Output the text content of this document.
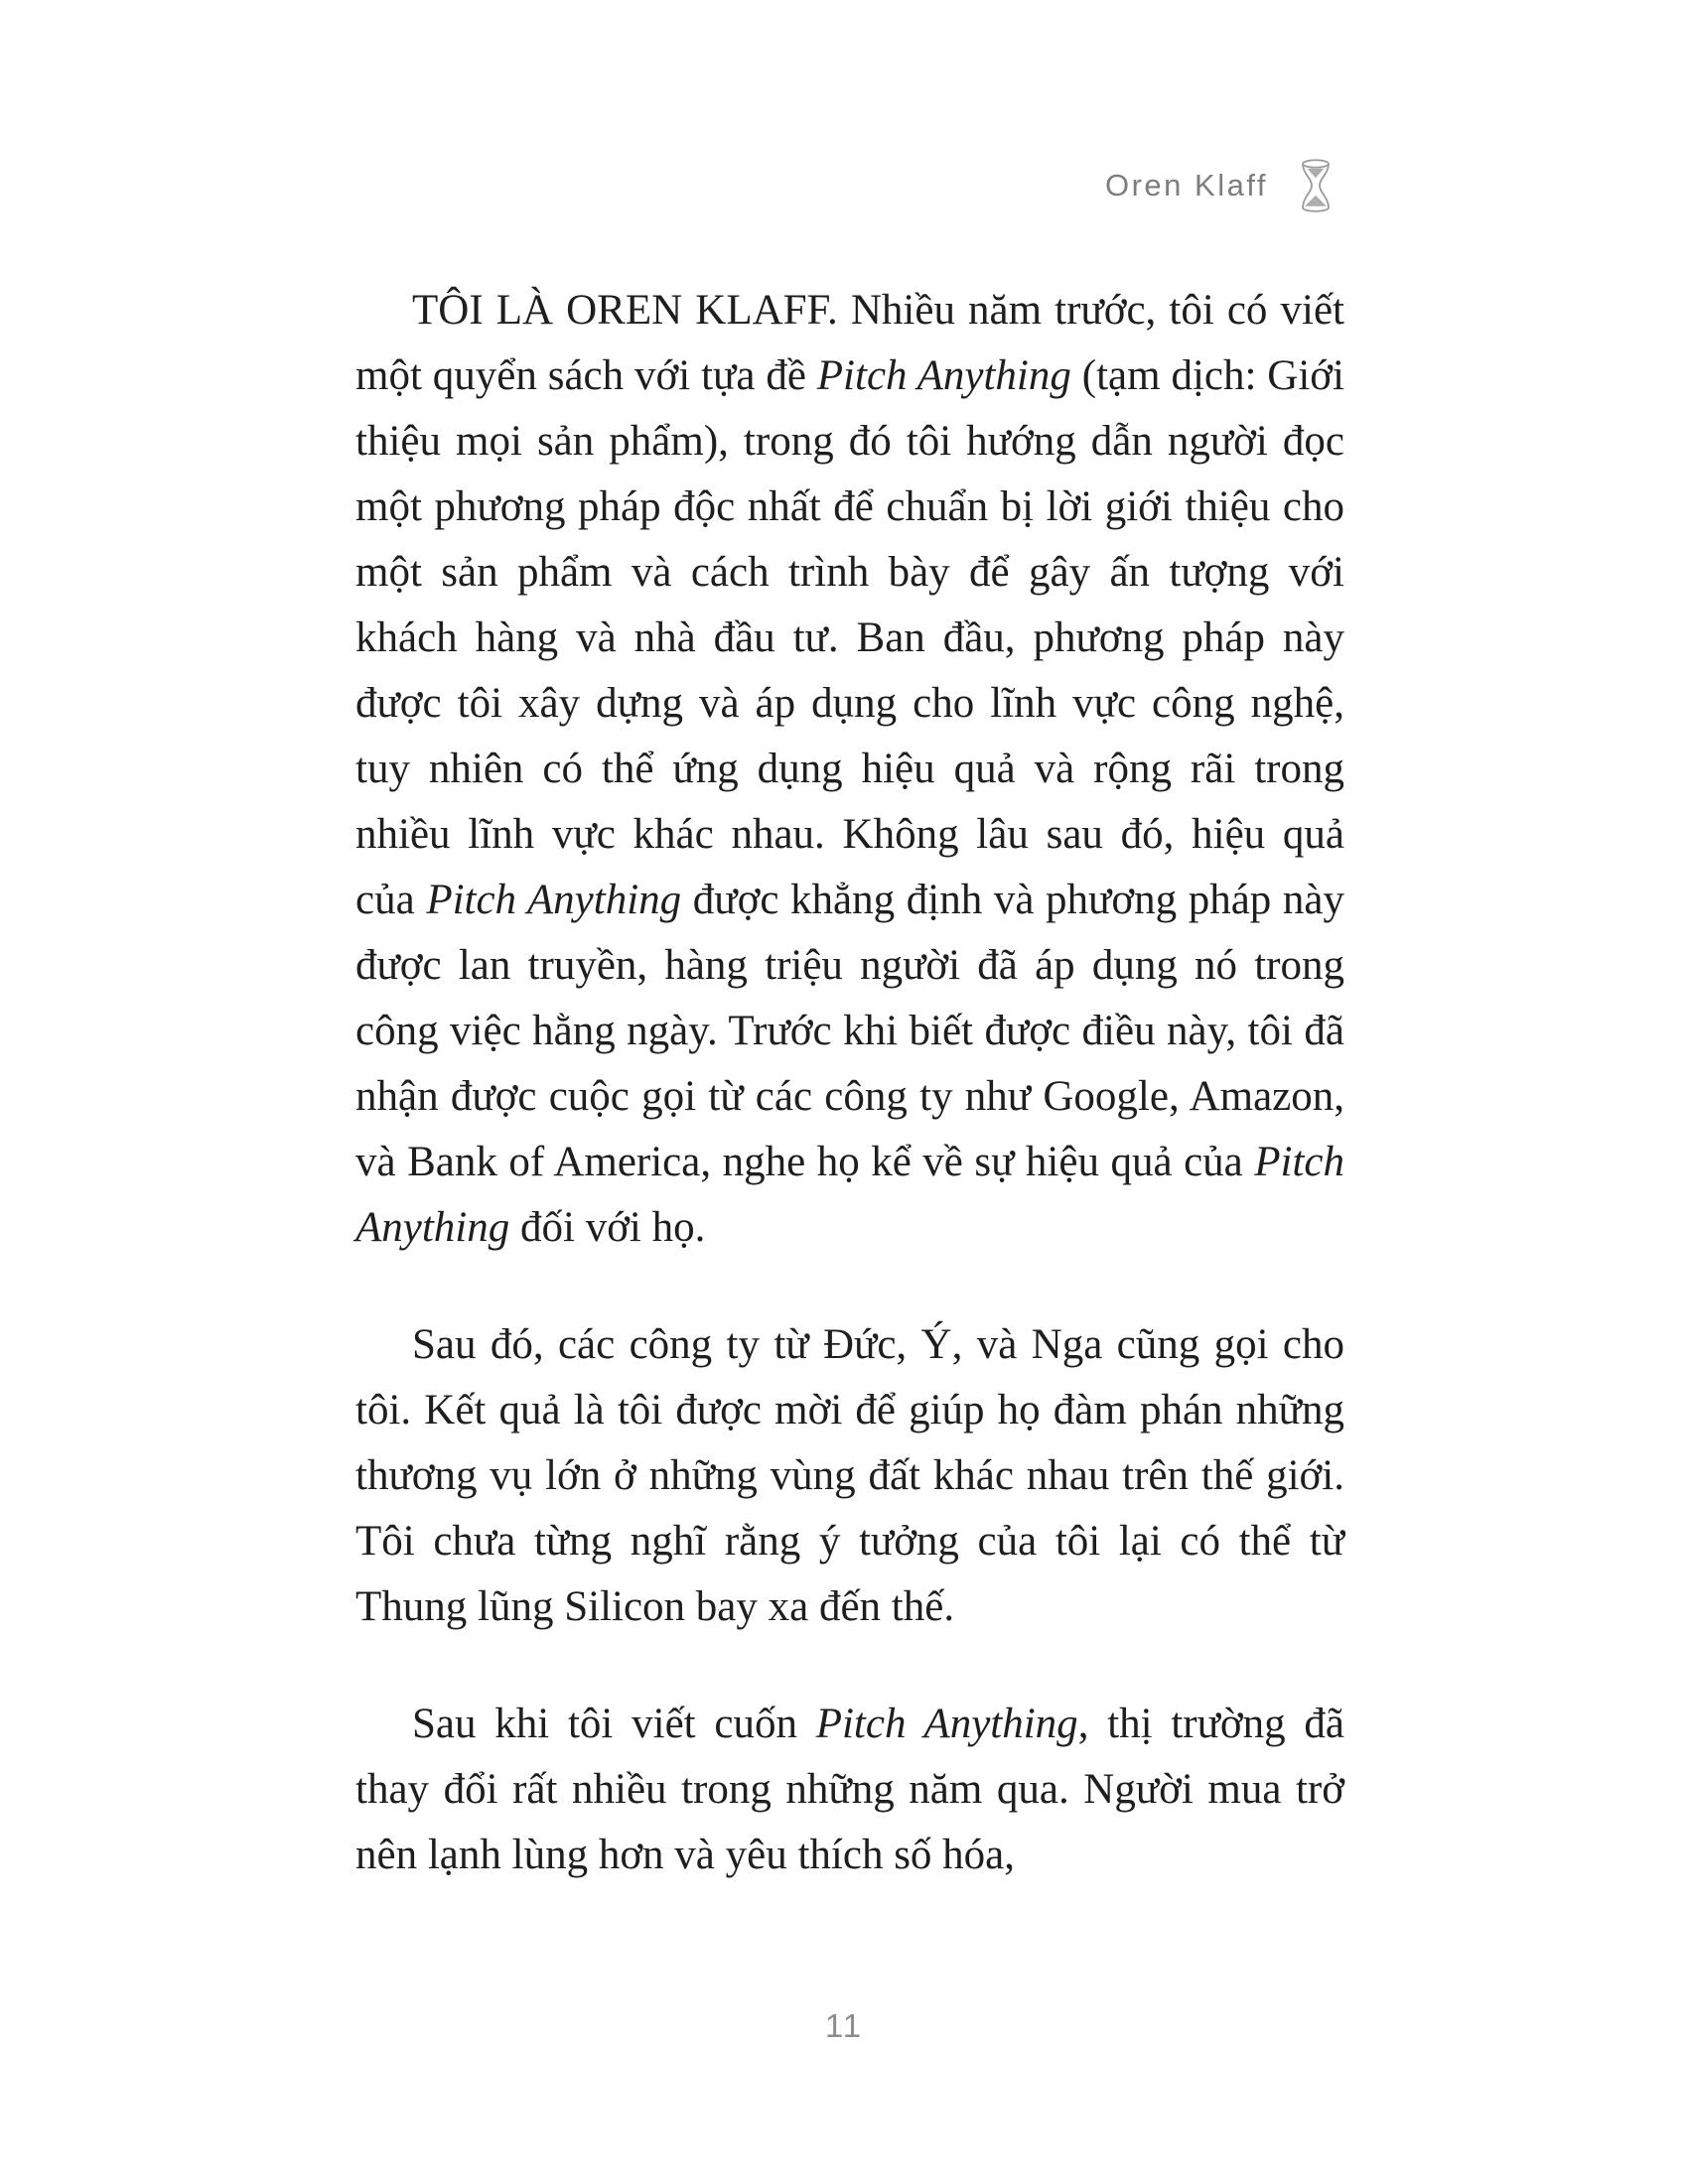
Oren Klaff

TÔI LÀ OREN KLAFF. Nhiều năm trước, tôi có viết một quyển sách với tựa đề Pitch Anything (tạm dịch: Giới thiệu mọi sản phẩm), trong đó tôi hướng dẫn người đọc một phương pháp độc nhất để chuẩn bị lời giới thiệu cho một sản phẩm và cách trình bày để gây ấn tượng với khách hàng và nhà đầu tư. Ban đầu, phương pháp này được tôi xây dựng và áp dụng cho lĩnh vực công nghệ, tuy nhiên có thể ứng dụng hiệu quả và rộng rãi trong nhiều lĩnh vực khác nhau. Không lâu sau đó, hiệu quả của Pitch Anything được khẳng định và phương pháp này được lan truyền, hàng triệu người đã áp dụng nó trong công việc hằng ngày. Trước khi biết được điều này, tôi đã nhận được cuộc gọi từ các công ty như Google, Amazon, và Bank of America, nghe họ kể về sự hiệu quả của Pitch Anything đối với họ.

Sau đó, các công ty từ Đức, Ý, và Nga cũng gọi cho tôi. Kết quả là tôi được mời để giúp họ đàm phán những thương vụ lớn ở những vùng đất khác nhau trên thế giới. Tôi chưa từng nghĩ rằng ý tưởng của tôi lại có thể từ Thung lũng Silicon bay xa đến thế.

Sau khi tôi viết cuốn Pitch Anything, thị trường đã thay đổi rất nhiều trong những năm qua. Người mua trở nên lạnh lùng hơn và yêu thích số hóa,

11
